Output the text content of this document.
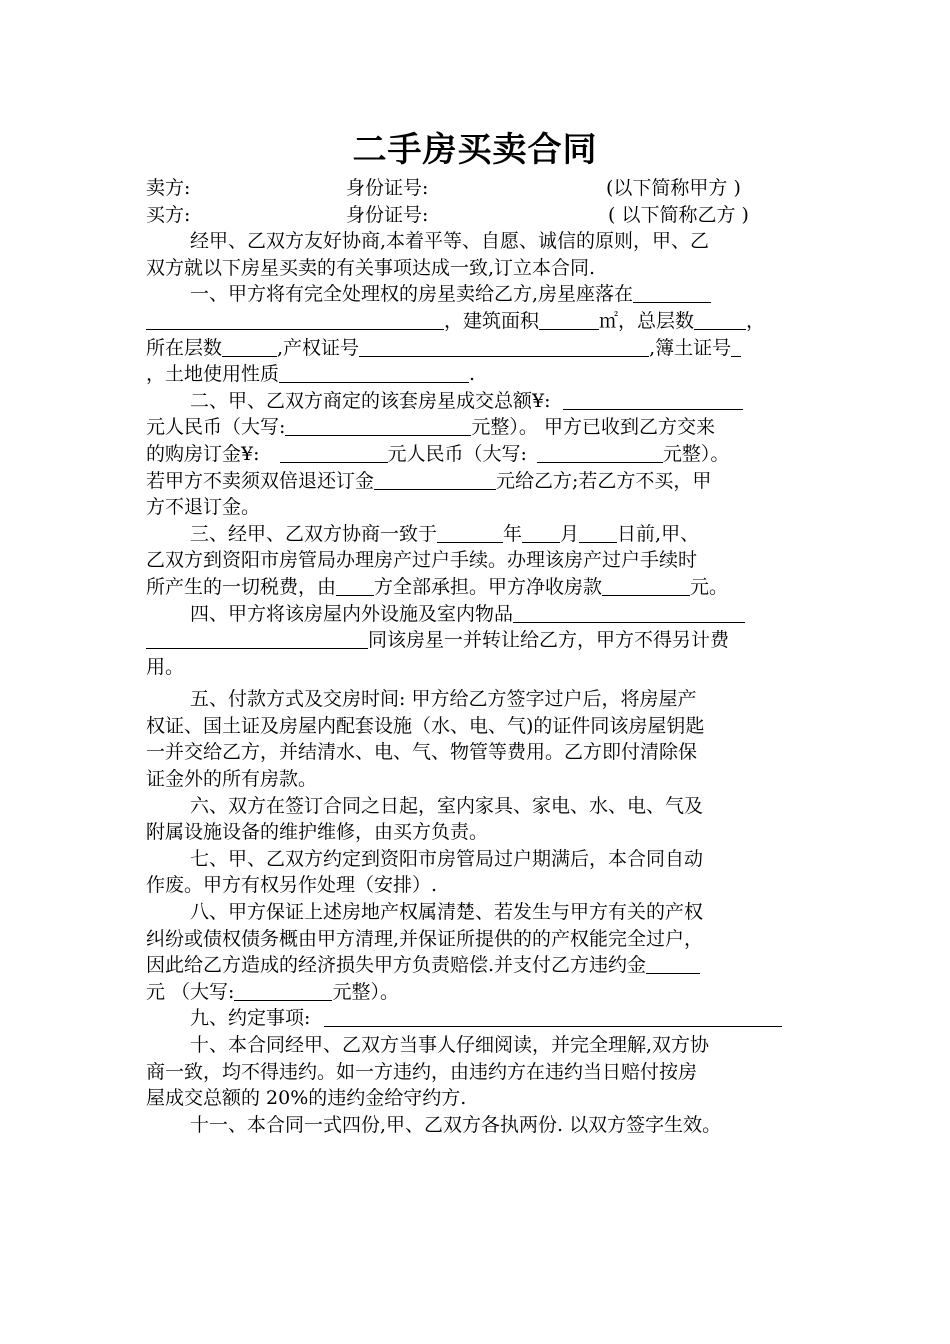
二手房买卖合同
卖方:	身份证号:	(以下简称甲方 )
买方:	身份证号:	( 以下简称乙方 )
经甲、乙双方友好协商,本着平等、自愿、诚信的原则，甲、乙
双方就以下房星买卖的有关事项达成一致,订立本合同.
一、甲方将有完全处理权的房星卖给乙方,房星座落在
，建筑面积	㎡，总层数	，
所在层数	,产权证号	,簿土证号
，土地使用性质	.
二、甲、乙双方商定的该套房星成交总额¥:
元人民币（大写:	元整）。 甲方已收到乙方交来
的购房订金¥:	元人民币（大写:	元整）。
若甲方不卖须双倍退还订金	元给乙方;若乙方不买，甲
方不退订金。
三、经甲、乙双方协商一致于	年 月 日前,甲、
乙双方到资阳市房管局办理房产过户手续。办理该房产过户手续时
所产生的一切税费，由 方全部承担。甲方净收房款	元。
四、甲方将该房屋内外设施及室内物品
同该房星一并转让给乙方，甲方不得另计费
用。
五、付款方式及交房时间: 甲方给乙方签字过户后，将房屋产
权证、国土证及房屋内配套设施（水、电、气)的证件同该房屋钥匙
一并交给乙方，并结清水、电、气、物管等费用。乙方即付清除保
证金外的所有房款。
六、双方在签订合同之日起，室内家具、家电、水、电、气及
附属设施设备的维护维修，由买方负责。
七、甲、乙双方约定到资阳市房管局过户期满后，本合同自动
作废。甲方有权另作处理（安排）.
八、甲方保证上述房地产权属清楚、若发生与甲方有关的产权
纠纷或债权债务概由甲方清理,并保证所提供的的产权能完全过户，
因此给乙方造成的经济损失甲方负责赔偿.并支付乙方违约金
元 （大写:	元整）。
九、约定事项:
十、本合同经甲、乙双方当事人仔细阅读，并完全理解,双方协
商一致，均不得违约。如一方违约，由违约方在违约当日赔付按房
屋成交总额的 20%的违约金给守约方.
十一、本合同一式四份,甲、乙双方各执两份. 以双方签字生效。
